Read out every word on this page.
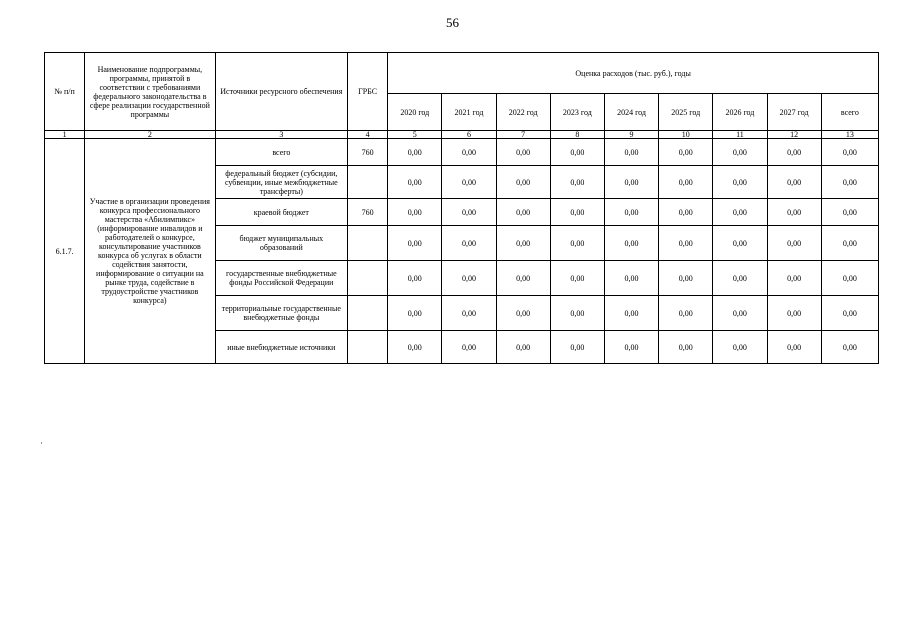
56
№ п/п	Наименование подпрограммы, программы, принятой в соответствии с требованиями федерального законодательства в сфере реализации государственной программы	Источники ресурсного обеспечения	ГРБС	Оценка расходов (тыс. руб.), годы								
				2020 год	2021 год	2022 год	2023 год	2024 год	2025 год	2026 год	2027 год	всего
1	2	3	4	5	6	7	8	9	10	11	12	13
6.1.7.	Участие в организации проведения конкурса профессионального мастерства «Абилимпикс» (информирование инвалидов и работодателей о конкурсе, консультирование участников конкурса об услугах в области содействия занятости, информирование о ситуации на рынке труда, содействие в трудоустройстве участников конкурса)	всего	760	0,00	0,00	0,00	0,00	0,00	0,00	0,00	0,00	0,00
		федеральный бюджет (субсидии, субвенции, иные межбюджетные трансферты)		0,00	0,00	0,00	0,00	0,00	0,00	0,00	0,00	0,00
		краевой бюджет	760	0,00	0,00	0,00	0,00	0,00	0,00	0,00	0,00	0,00
		бюджет муниципальных образований		0,00	0,00	0,00	0,00	0,00	0,00	0,00	0,00	0,00
		государственные внебюджетные фонды Российской Федерации		0,00	0,00	0,00	0,00	0,00	0,00	0,00	0,00	0,00
		территориальные государственные внебюджетные фонды		0,00	0,00	0,00	0,00	0,00	0,00	0,00	0,00	0,00
		иные внебюджетные источники		0,00	0,00	0,00	0,00	0,00	0,00	0,00	0,00	0,00
